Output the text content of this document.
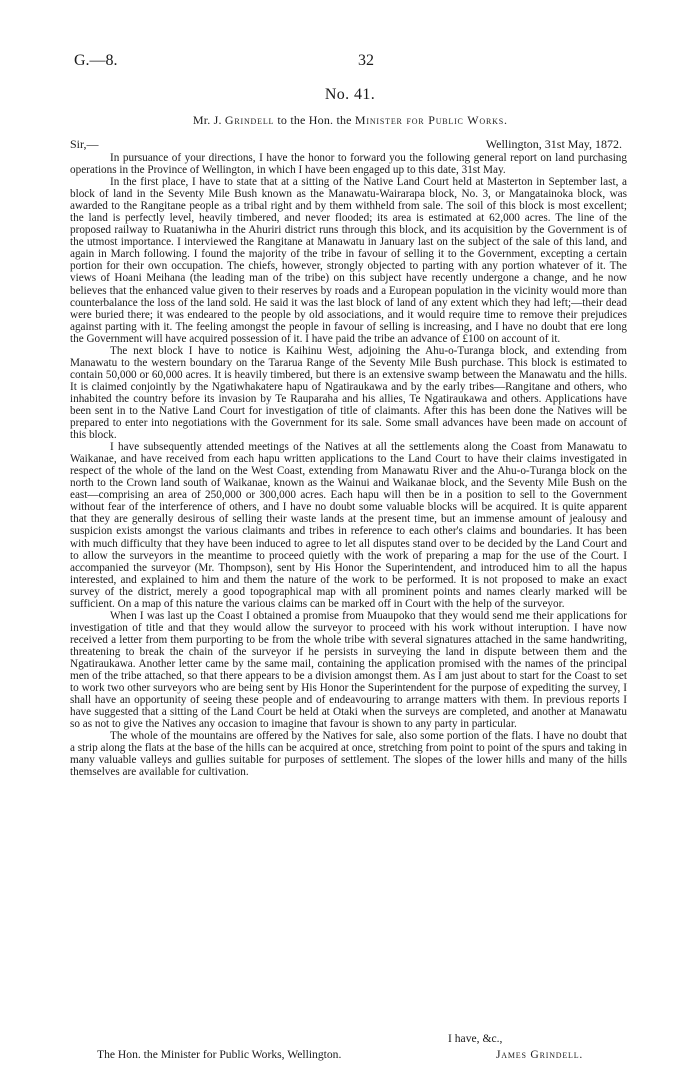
G.—8.	32
No. 41.
Mr. J. Grindell to the Hon. the Minister for Public Works.
Sir,—	Wellington, 31st May, 1872.

In pursuance of your directions, I have the honor to forward you the following general report on land purchasing operations in the Province of Wellington, in which I have been engaged up to this date, 31st May.

In the first place, I have to state that at a sitting of the Native Land Court held at Masterton in September last, a block of land in the Seventy Mile Bush known as the Manawatu-Wairarapa block, No. 3, or Mangatainoka block, was awarded to the Rangitane people as a tribal right and by them withheld from sale. The soil of this block is most excellent; the land is perfectly level, heavily timbered, and never flooded; its area is estimated at 62,000 acres. The line of the proposed railway to Ruataniwha in the Ahuriri district runs through this block, and its acquisition by the Government is of the utmost importance. I interviewed the Rangitane at Manawatu in January last on the subject of the sale of this land, and again in March following. I found the majority of the tribe in favour of selling it to the Government, excepting a certain portion for their own occupation. The chiefs, however, strongly objected to parting with any portion whatever of it. The views of Hoani Meihana (the leading man of the tribe) on this subject have recently undergone a change, and he now believes that the enhanced value given to their reserves by roads and a European population in the vicinity would more than counterbalance the loss of the land sold. He said it was the last block of land of any extent which they had left;—their dead were buried there; it was endeared to the people by old associations, and it would require time to remove their prejudices against parting with it. The feeling amongst the people in favour of selling is increasing, and I have no doubt that ere long the Government will have acquired possession of it. I have paid the tribe an advance of £100 on account of it.

The next block I have to notice is Kaihinu West, adjoining the Ahu-o-Turanga block, and extending from Manawatu to the western boundary on the Tararua Range of the Seventy Mile Bush purchase. This block is estimated to contain 50,000 or 60,000 acres. It is heavily timbered, but there is an extensive swamp between the Manawatu and the hills. It is claimed conjointly by the Ngatiwhakatere hapu of Ngatiraukawa and by the early tribes—Rangitane and others, who inhabited the country before its invasion by Te Rauparaha and his allies, Te Ngatiraukawa and others. Applications have been sent in to the Native Land Court for investigation of title of claimants. After this has been done the Natives will be prepared to enter into negotiations with the Government for its sale. Some small advances have been made on account of this block.

I have subsequently attended meetings of the Natives at all the settlements along the Coast from Manawatu to Waikanae, and have received from each hapu written applications to the Land Court to have their claims investigated in respect of the whole of the land on the West Coast, extending from Manawatu River and the Ahu-o-Turanga block on the north to the Crown land south of Waikanae, known as the Wainui and Waikanae block, and the Seventy Mile Bush on the east—comprising an area of 250,000 or 300,000 acres. Each hapu will then be in a position to sell to the Government without fear of the interference of others, and I have no doubt some valuable blocks will be acquired. It is quite apparent that they are generally desirous of selling their waste lands at the present time, but an immense amount of jealousy and suspicion exists amongst the various claimants and tribes in reference to each other's claims and boundaries. It has been with much difficulty that they have been induced to agree to let all disputes stand over to be decided by the Land Court and to allow the surveyors in the meantime to proceed quietly with the work of preparing a map for the use of the Court. I accompanied the surveyor (Mr. Thompson), sent by His Honor the Superintendent, and introduced him to all the hapus interested, and explained to him and them the nature of the work to be performed. It is not proposed to make an exact survey of the district, merely a good topographical map with all prominent points and names clearly marked will be sufficient. On a map of this nature the various claims can be marked off in Court with the help of the surveyor.

When I was last up the Coast I obtained a promise from Muaupoko that they would send me their applications for investigation of title and that they would allow the surveyor to proceed with his work without interuption. I have now received a letter from them purporting to be from the whole tribe with several signatures attached in the same handwriting, threatening to break the chain of the surveyor if he persists in surveying the land in dispute between them and the Ngatiraukawa. Another letter came by the same mail, containing the application promised with the names of the principal men of the tribe attached, so that there appears to be a division amongst them. As I am just about to start for the Coast to set to work two other surveyors who are being sent by His Honor the Superintendent for the purpose of expediting the survey, I shall have an opportunity of seeing these people and of endeavouring to arrange matters with them. In previous reports I have suggested that a sitting of the Land Court be held at Otaki when the surveys are completed, and another at Manawatu so as not to give the Natives any occasion to imagine that favour is shown to any party in particular.

The whole of the mountains are offered by the Natives for sale, also some portion of the flats. I have no doubt that a strip along the flats at the base of the hills can be acquired at once, stretching from point to point of the spurs and taking in many valuable valleys and gullies suitable for purposes of settlement. The slopes of the lower hills and many of the hills themselves are available for cultivation.

I have, &c.,
The Hon. the Minister for Public Works, Wellington.	James Grindell.
